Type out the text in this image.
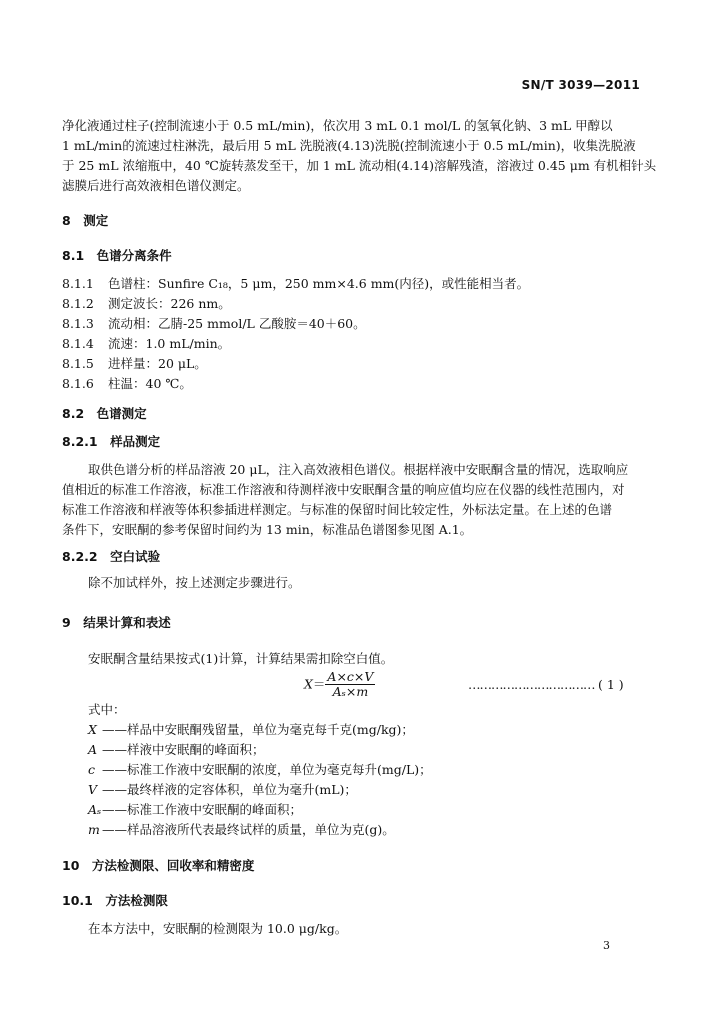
SN/T 3039—2011
净化液通过柱子(控制流速小于 0.5 mL/min)，依次用 3 mL 0.1 mol/L 的氢氧化钠、3 mL 甲醇以
1 mL/min的流速过柱淋洗，最后用 5 mL 洗脱液(4.13)洗脱(控制流速小于 0.5 mL/min)，收集洗脱液
于 25 mL 浓缩瓶中，40 ℃旋转蒸发至干，加 1 mL 流动相(4.14)溶解残渣，溶液过 0.45 μm 有机相针头
滤膜后进行高效液相色谱仪测定。
8　测定
8.1　色谱分离条件
8.1.1 色谱柱：Sunfire C₁₈，5 μm，250 mm×4.6 mm(内径)，或性能相当者。
8.1.2 测定波长：226 nm。
8.1.3 流动相：乙腈-25 mmol/L 乙酸胺＝40＋60。
8.1.4 流速：1.0 mL/min。
8.1.5 进样量：20 μL。
8.1.6 柱温：40 ℃。
8.2　色谱测定
8.2.1　样品测定
取供色谱分析的样品溶液 20 μL，注入高效液相色谱仪。根据样液中安眠酮含量的情况，选取响应
值相近的标准工作溶液，标准工作溶液和待测样液中安眠酮含量的响应值均应在仪器的线性范围内，对
标准工作溶液和样液等体积参插进样测定。与标准的保留时间比较定性，外标法定量。在上述的色谱
条件下，安眠酮的参考保留时间约为 13 min，标准品色谱图参见图 A.1。
8.2.2　空白试验
除不加试样外，按上述测定步骤进行。
9　结果计算和表述
安眠酮含量结果按式(1)计算，计算结果需扣除空白值。
$X= \frac{A\times c\times V}{\text{Aₛ×m}}$	…………………………… ( 1 )
式中：
X ——样品中安眠酮残留量，单位为毫克每千克(mg/kg)；
A ——样液中安眠酮的峰面积；
c ——标准工作液中安眠酮的浓度，单位为毫克每升(mg/L)；
V ——最终样液的定容体积，单位为毫升(mL)；
Aₛ——标准工作液中安眠酮的峰面积；
m ——样品溶液所代表最终试样的质量，单位为克(g)。
10　方法检测限、回收率和精密度
10.1　方法检测限
在本方法中，安眠酮的检测限为 10.0 μg/kg。
3
